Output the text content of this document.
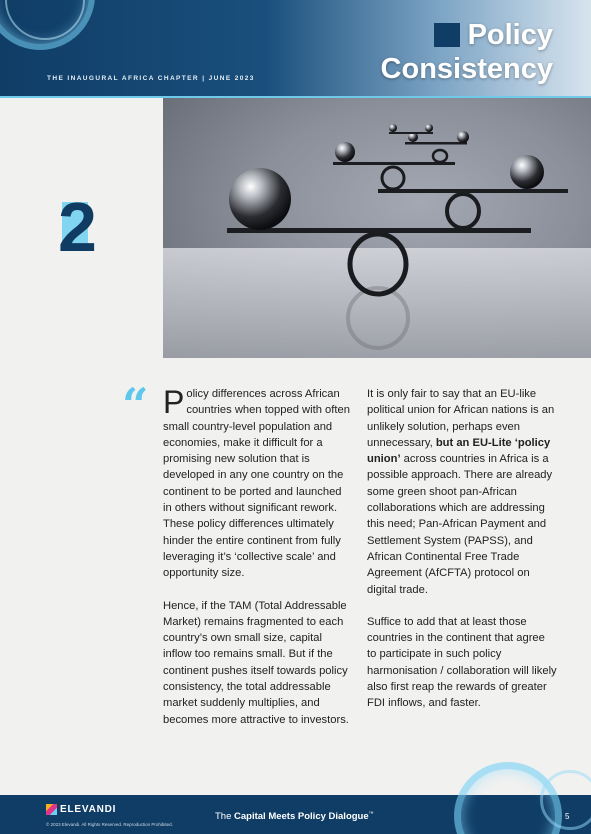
THE INAUGURAL AFRICA CHAPTER | JUNE 2023
Policy
Consistency
2
“ Policy differences across African countries when topped with often small country-level population and economies, make it difficult for a promising new solution that is developed in any one country on the continent to be ported and launched in others without significant rework. These policy differences ultimately hinder the entire continent from fully leveraging it’s ‘collective scale’ and opportunity size.

Hence, if the TAM (Total Addressable Market) remains fragmented to each country’s own small size, capital inflow too remains small. But if the continent pushes itself towards policy consistency, the total addressable market suddenly multiplies, and becomes more attractive to investors.

It is only fair to say that an EU-like political union for African nations is an unlikely solution, perhaps even unnecessary, but an EU-Lite ‘policy union’ across countries in Africa is a possible approach. There are already some green shoot pan-African collaborations which are addressing this need; Pan-African Payment and Settlement System (PAPSS), and African Continental Free Trade Agreement (AfCFTA) protocol on digital trade.

Suffice to add that at least those countries in the continent that agree to participate in such policy harmonisation / collaboration will likely also first reap the rewards of greater FDI inflows, and faster.

ELEVANDI
© 2023 Elevandi. All Rights Reserved. Reproduction Prohibited.
The Capital Meets Policy Dialogue™	5
